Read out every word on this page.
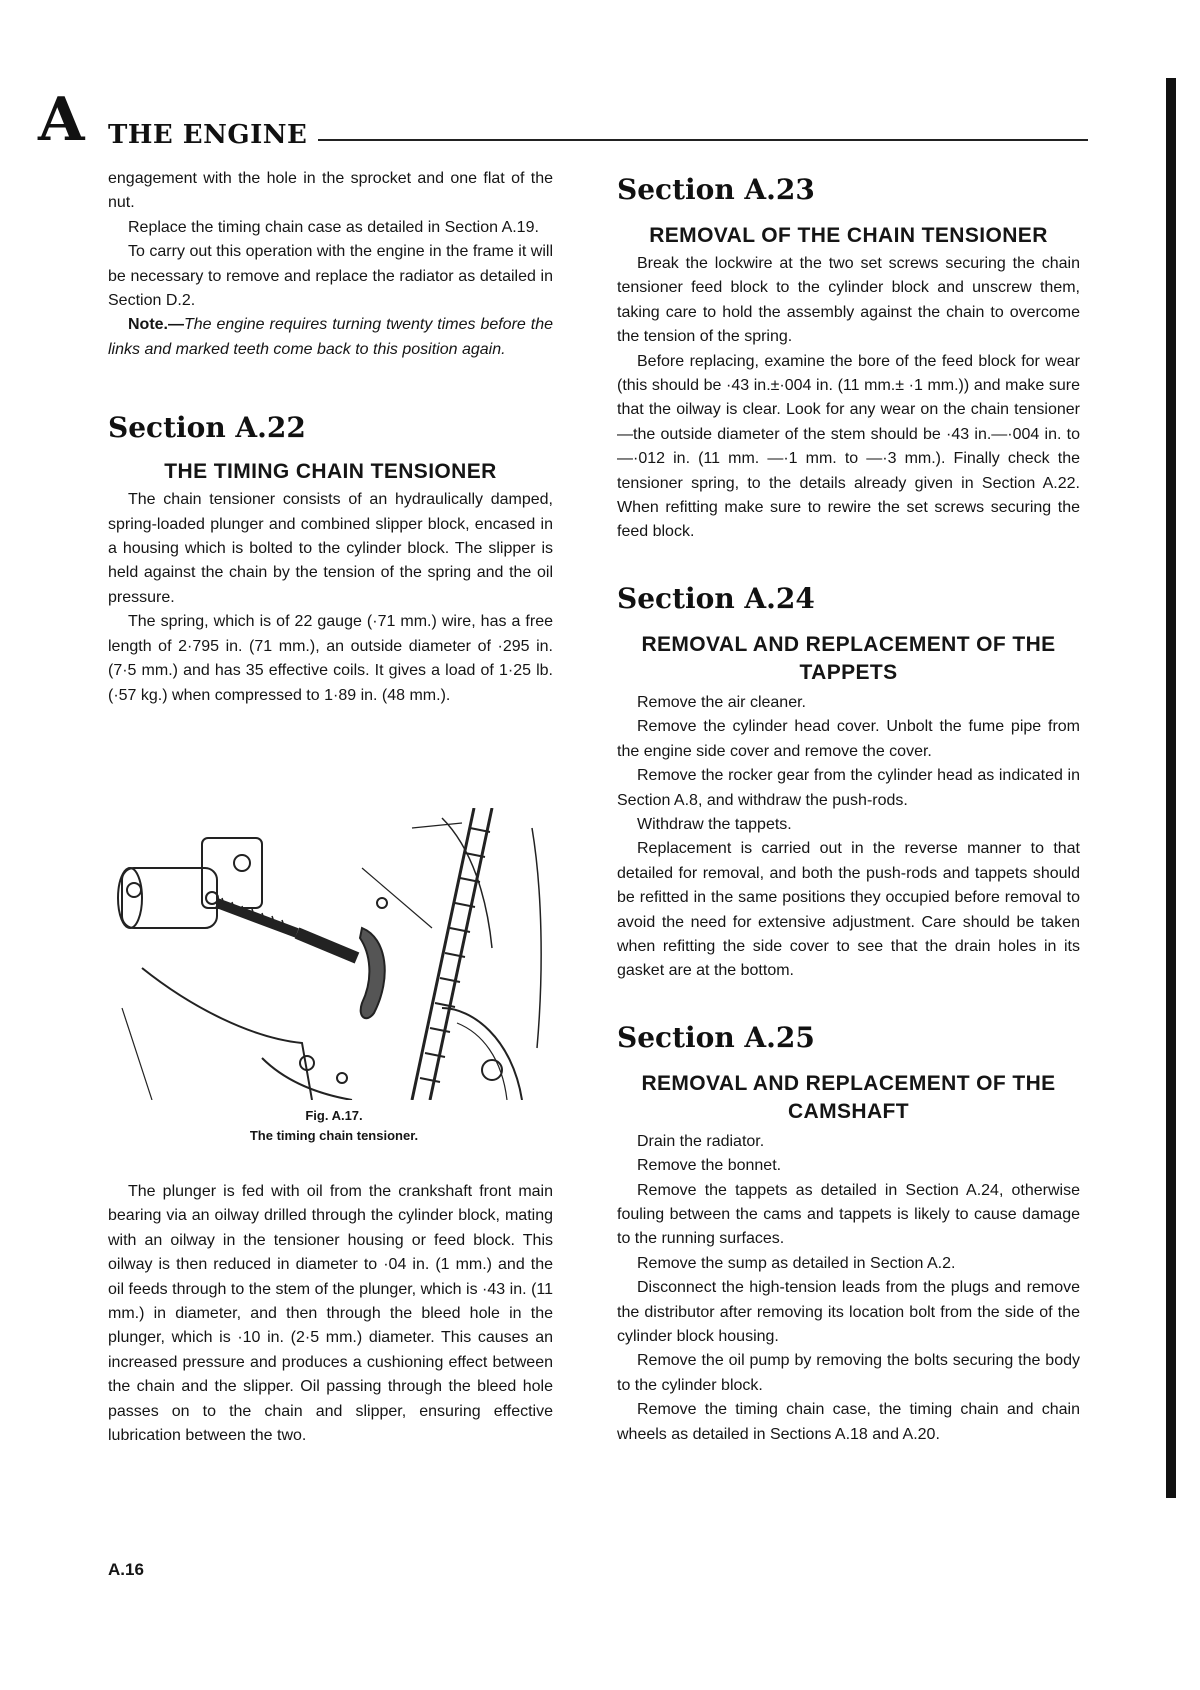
A THE ENGINE

engagement with the hole in the sprocket and one flat of the nut.

Replace the timing chain case as detailed in Section A.19.

To carry out this operation with the engine in the frame it will be necessary to remove and replace the radiator as detailed in Section D.2.

Note.—The engine requires turning twenty times before the links and marked teeth come back to this position again.

Section A.22
THE TIMING CHAIN TENSIONER

The chain tensioner consists of an hydraulically damped, spring-loaded plunger and combined slipper block, encased in a housing which is bolted to the cylinder block. The slipper is held against the chain by the tension of the spring and the oil pressure.

The spring, which is of 22 gauge (·71 mm.) wire, has a free length of 2·795 in. (71 mm.), an outside diameter of ·295 in. (7·5 mm.) and has 35 effective coils. It gives a load of 1·25 lb. (·57 kg.) when compressed to 1·89 in. (48 mm.).

Fig. A.17.
The timing chain tensioner.

The plunger is fed with oil from the crankshaft front main bearing via an oilway drilled through the cylinder block, mating with an oilway in the tensioner housing or feed block. This oilway is then reduced in diameter to ·04 in. (1 mm.) and the oil feeds through to the stem of the plunger, which is ·43 in. (11 mm.) in diameter, and then through the bleed hole in the plunger, which is ·10 in. (2·5 mm.) diameter. This causes an increased pressure and produces a cushioning effect between the chain and the slipper. Oil passing through the bleed hole passes on to the chain and slipper, ensuring effective lubrication between the two.

Section A.23
REMOVAL OF THE CHAIN TENSIONER

Break the lockwire at the two set screws securing the chain tensioner feed block to the cylinder block and unscrew them, taking care to hold the assembly against the chain to overcome the tension of the spring.

Before replacing, examine the bore of the feed block for wear (this should be ·43 in.±·004 in. (11 mm.± ·1 mm.)) and make sure that the oilway is clear. Look for any wear on the chain tensioner—the outside diameter of the stem should be ·43 in.—·004 in. to —·012 in. (11 mm. —·1 mm. to —·3 mm.). Finally check the tensioner spring, to the details already given in Section A.22. When refitting make sure to rewire the set screws securing the feed block.

Section A.24
REMOVAL AND REPLACEMENT OF THE TAPPETS

Remove the air cleaner.

Remove the cylinder head cover. Unbolt the fume pipe from the engine side cover and remove the cover.

Remove the rocker gear from the cylinder head as indicated in Section A.8, and withdraw the push-rods.

Withdraw the tappets.

Replacement is carried out in the reverse manner to that detailed for removal, and both the push-rods and tappets should be refitted in the same positions they occupied before removal to avoid the need for extensive adjustment. Care should be taken when refitting the side cover to see that the drain holes in its gasket are at the bottom.

Section A.25
REMOVAL AND REPLACEMENT OF THE CAMSHAFT

Drain the radiator.

Remove the bonnet.

Remove the tappets as detailed in Section A.24, otherwise fouling between the cams and tappets is likely to cause damage to the running surfaces.

Remove the sump as detailed in Section A.2.

Disconnect the high-tension leads from the plugs and remove the distributor after removing its location bolt from the side of the cylinder block housing.

Remove the oil pump by removing the bolts securing the body to the cylinder block.

Remove the timing chain case, the timing chain and chain wheels as detailed in Sections A.18 and A.20.

A.16
